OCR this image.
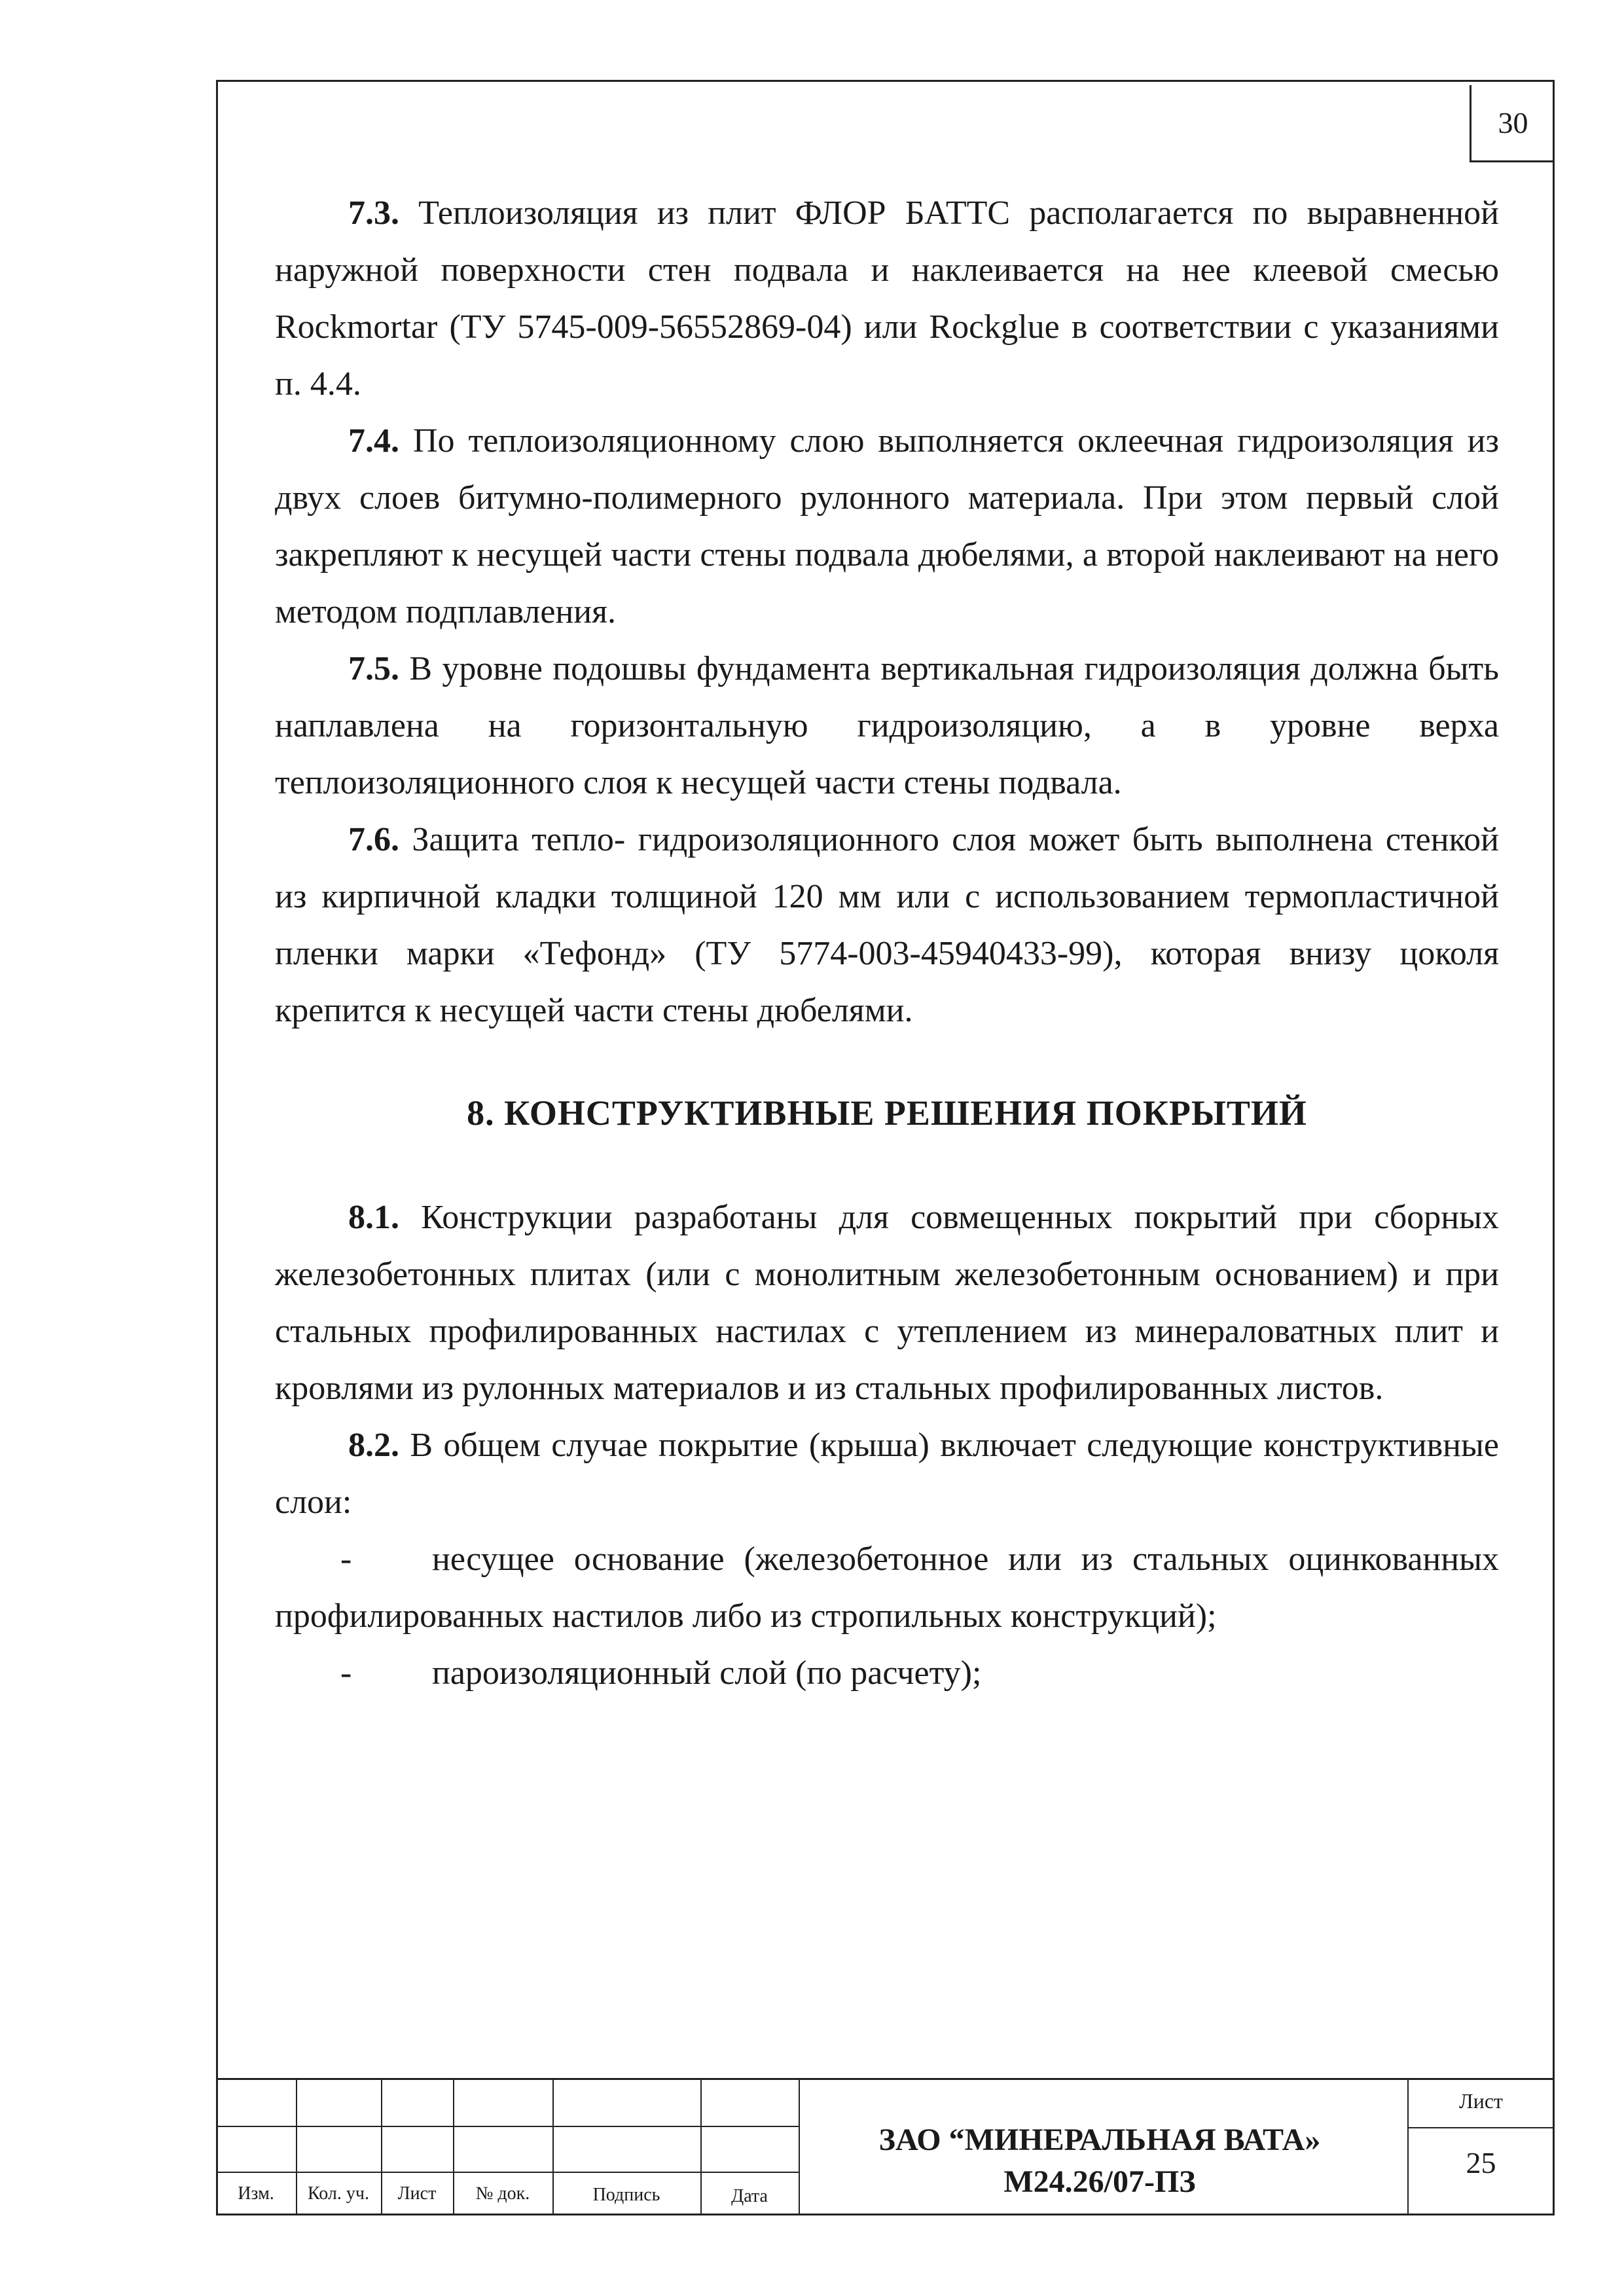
30

7.3. Теплоизоляция из плит ФЛОР БАТТС располагается по выравненной наружной поверхности стен подвала и наклеивается на нее клеевой смесью Rockmortar (ТУ 5745-009-56552869-04) или Rockglue в соответствии с указаниями п. 4.4.

7.4. По теплоизоляционному слою выполняется оклеечная гидроизоляция из двух слоев битумно-полимерного рулонного материала. При этом первый слой закрепляют к несущей части стены подвала дюбелями, а второй наклеивают на него методом подплавления.

7.5. В уровне подошвы фундамента вертикальная гидроизоляция должна быть наплавлена на горизонтальную гидроизоляцию, а в уровне верха теплоизоляционного слоя к несущей части стены подвала.

7.6. Защита тепло- гидроизоляционного слоя может быть выполнена стенкой из кирпичной кладки толщиной 120 мм или с использованием термопластичной пленки марки «Тефонд» (ТУ 5774-003-45940433-99), которая внизу цоколя крепится к несущей части стены дюбелями.

8. КОНСТРУКТИВНЫЕ РЕШЕНИЯ ПОКРЫТИЙ

8.1. Конструкции разработаны для совмещенных покрытий при сборных железобетонных плитах (или с монолитным железобетонным основанием) и при стальных профилированных настилах с утеплением из минераловатных плит и кровлями из рулонных материалов и из стальных профилированных листов.

8.2. В общем случае покрытие (крыша) включает следующие конструктивные слои:

- несущее основание (железобетонное или из стальных оцинкованных профилированных настилов либо из стропильных конструкций);

- пароизоляционный слой (по расчету);

Изм.	Кол. уч.	Лист	№ док.	Подпись	Дата
ЗАО “МИНЕРАЛЬНАЯ ВАТА»
М24.26/07-ПЗ
Лист
25
